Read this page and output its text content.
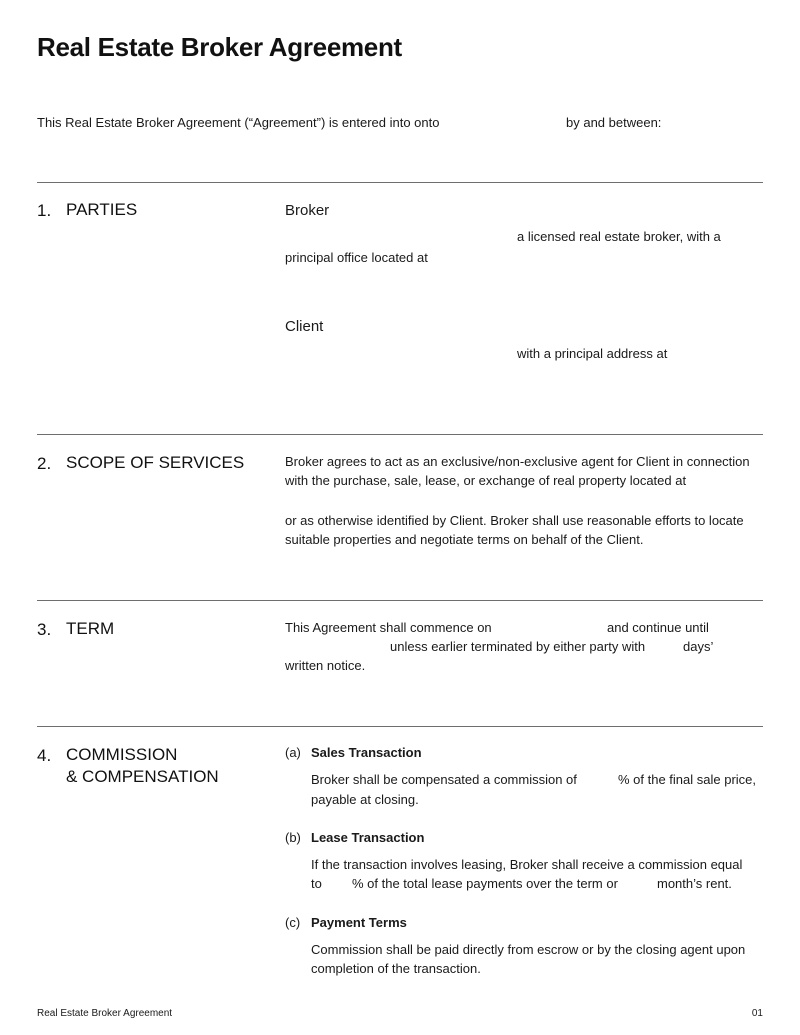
Real Estate Broker Agreement
This Real Estate Broker Agreement (“Agreement”) is entered into onto	by and between:
1. PARTIES	Broker
a licensed real estate broker, with a
principal office located at
Client
with a principal address at
2. SCOPE OF SERVICES	Broker agrees to act as an exclusive/non-exclusive agent for Client in connection
with the purchase, sale, lease, or exchange of real property located at
or as otherwise identified by Client. Broker shall use reasonable efforts to locate
suitable properties and negotiate terms on behalf of the Client.
3. TERM	This Agreement shall commence on	and continue until
unless earlier terminated by either party with	days’
written notice.
4. COMMISSION
& COMPENSATION
(a) Sales Transaction
Broker shall be compensated a commission of	% of the final sale price,
payable at closing.
(b) Lease Transaction
If the transaction involves leasing, Broker shall receive a commission equal
to % of the total lease payments over the term or	month’s rent.
(c) Payment Terms
Commission shall be paid directly from escrow or by the closing agent upon
completion of the transaction.
Real Estate Broker Agreement	01
